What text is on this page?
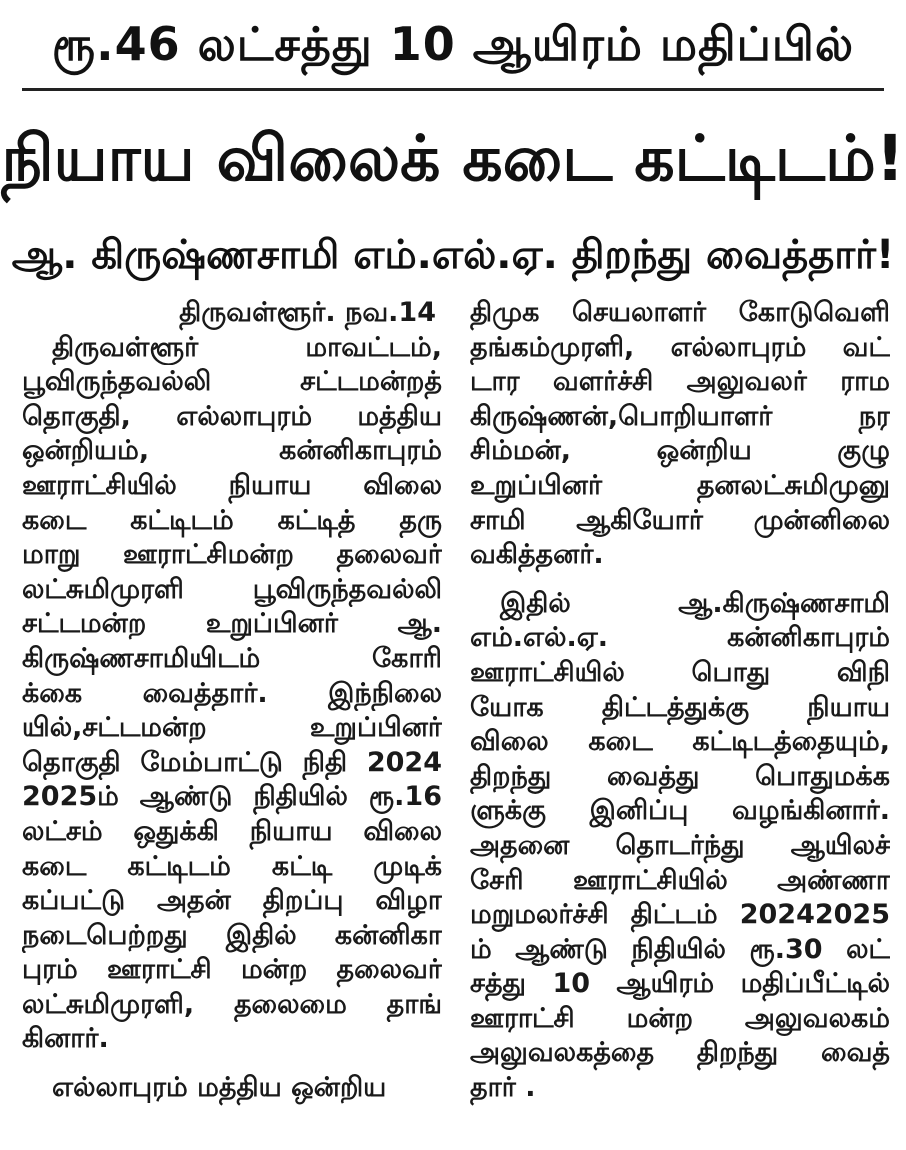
ரூ.46 லட்சத்து 10 ஆயிரம் மதிப்பில்
நியாய விலைக் கடை கட்டிடம்!
ஆ. கிருஷ்ணசாமி எம்.எல்.ஏ. திறந்து வைத்தார்!
திருவள்ளூர். நவ.14
திருவள்ளூர் மாவட்டம்,
பூவிருந்தவல்லி சட்டமன்றத்
தொகுதி, எல்லாபுரம் மத்திய
ஒன்றியம், கன்னிகாபுரம்
ஊராட்சியில் நியாய விலை
கடை கட்டிடம் கட்டித் தரு
மாறு ஊராட்சிமன்ற தலைவர்
லட்சுமிமுரளி பூவிருந்தவல்லி
சட்டமன்ற உறுப்பினர் ஆ.
கிருஷ்ணசாமியிடம் கோரி
க்கை வைத்தார். இந்நிலை
யில்,சட்டமன்ற உறுப்பினர்
தொகுதி மேம்பாட்டு நிதி 2024
2025ம் ஆண்டு நிதியில் ரூ.16
லட்சம் ஒதுக்கி நியாய விலை
கடை கட்டிடம் கட்டி முடிக்
கப்பட்டு அதன் திறப்பு விழா
நடைபெற்றது இதில் கன்னிகா
புரம் ஊராட்சி மன்ற தலைவர்
லட்சுமிமுரளி, தலைமை தாங்
கினார்.
எல்லாபுரம் மத்திய ஒன்றிய
திமுக செயலாளர் கோடுவெளி
தங்கம்முரளி, எல்லாபுரம் வட்
டார வளர்ச்சி அலுவலர் ராம
கிருஷ்ணன்,பொறியாளர் நர
சிம்மன், ஒன்றிய குழு
உறுப்பினர் தனலட்சுமிமுனு
சாமி ஆகியோர் முன்னிலை
வகித்தனர்.
இதில் ஆ.கிருஷ்ணசாமி
எம்.எல்.ஏ. கன்னிகாபுரம்
ஊராட்சியில் பொது விநி
யோக திட்டத்துக்கு நியாய
விலை கடை கட்டிடத்தையும்,
திறந்து வைத்து பொதுமக்க
ளுக்கு இனிப்பு வழங்கினார்.
அதனை தொடர்ந்து ஆயிலச்
சேரி ஊராட்சியில் அண்ணா
மறுமலர்ச்சி திட்டம் 20242025
ம் ஆண்டு நிதியில் ரூ.30 லட்
சத்து 10 ஆயிரம் மதிப்பீட்டில்
ஊராட்சி மன்ற அலுவலகம்
அலுவலகத்தை திறந்து வைத்
தார் .
